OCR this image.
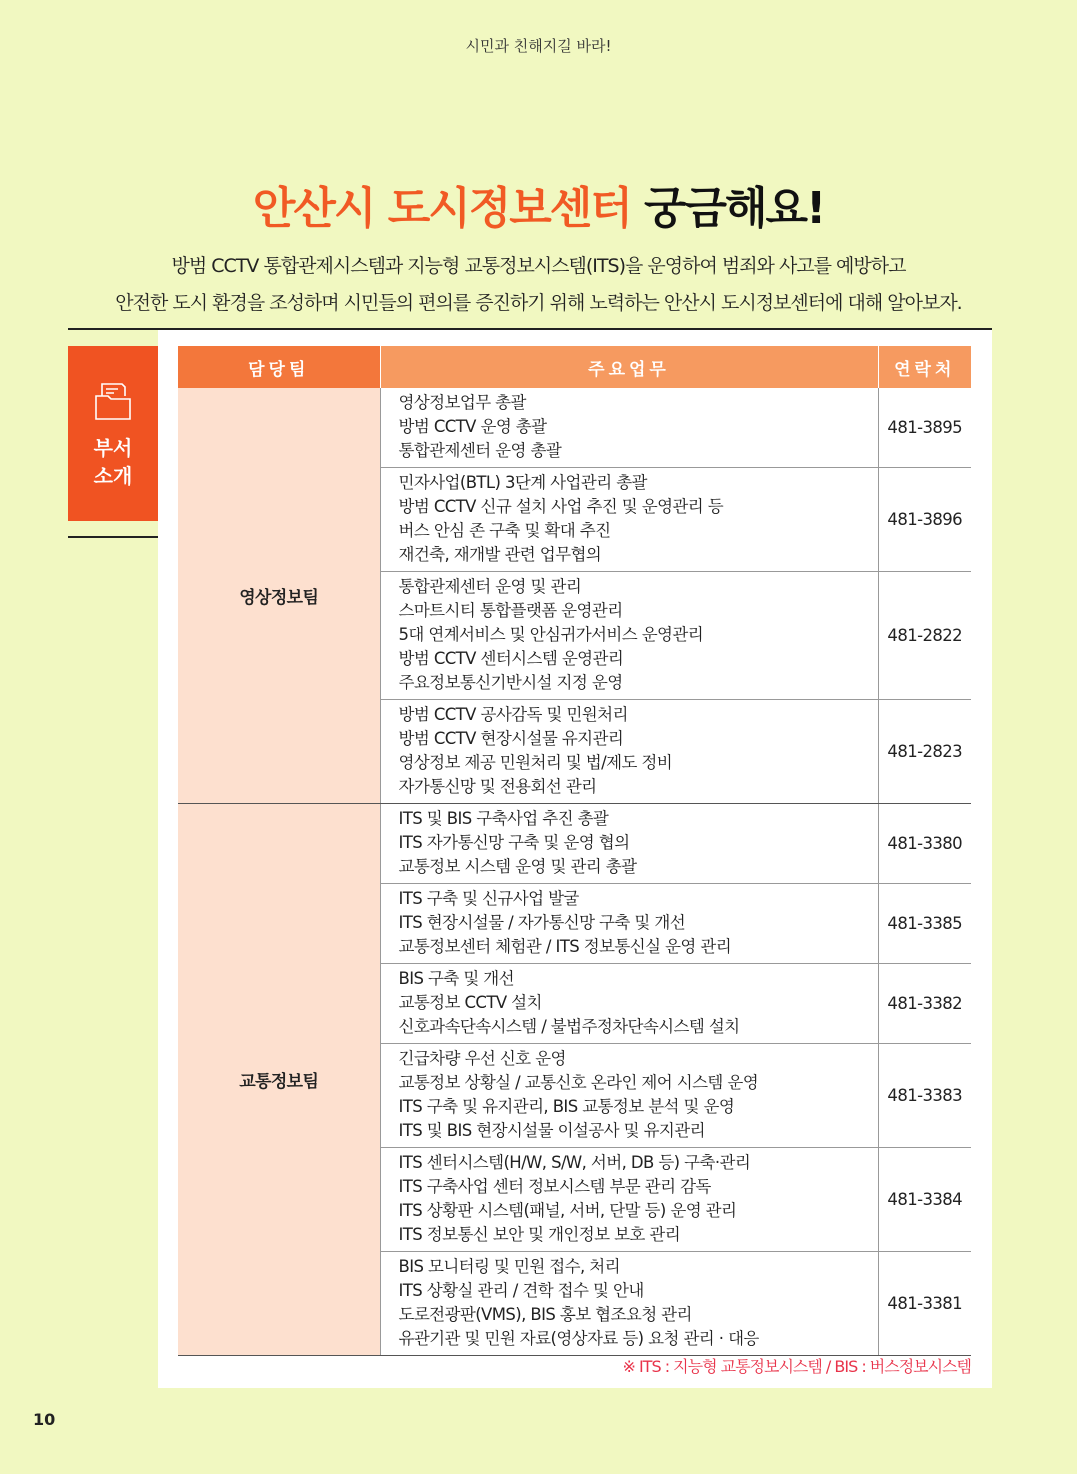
시민과 친해지길 바라!
안산시 도시정보센터 궁금해요!
방범 CCTV 통합관제시스템과 지능형 교통정보시스템(ITS)을 운영하여 범죄와 사고를 예방하고
안전한 도시 환경을 조성하며 시민들의 편의를 증진하기 위해 노력하는 안산시 도시정보센터에 대해 알아보자.
부서
소개
담당팀	주요업무	연락처
영상정보팀	영상정보업무 총괄
방범 CCTV 운영 총괄
통합관제센터 운영 총괄	481-3895

	민자사업(BTL) 3단계 사업관리 총괄
방범 CCTV 신규 설치 사업 추진 및 운영관리 등
버스 안심 존 구축 및 확대 추진
재건축, 재개발 관련 업무협의	481-3896

	통합관제센터 운영 및 관리
스마트시티 통합플랫폼 운영관리
5대 연계서비스 및 안심귀가서비스 운영관리
방범 CCTV 센터시스템 운영관리
주요정보통신기반시설 지정 운영	481-2822

	방범 CCTV 공사감독 및 민원처리
방범 CCTV 현장시설물 유지관리
영상정보 제공 민원처리 및 법/제도 정비
자가통신망 및 전용회선 관리	481-2823
교통정보팀	ITS 및 BIS 구축사업 추진 총괄
ITS 자가통신망 구축 및 운영 협의
교통정보 시스템 운영 및 관리 총괄	481-3380

	ITS 구축 및 신규사업 발굴
ITS 현장시설물 / 자가통신망 구축 및 개선
교통정보센터 체험관 / ITS 정보통신실 운영 관리	481-3385

	BIS 구축 및 개선
교통정보 CCTV 설치
신호과속단속시스템 / 불법주정차단속시스템 설치	481-3382

	긴급차량 우선 신호 운영
교통정보 상황실 / 교통신호 온라인 제어 시스템 운영
ITS 구축 및 유지관리, BIS 교통정보 분석 및 운영
ITS 및 BIS 현장시설물 이설공사 및 유지관리	481-3383

	ITS 센터시스템(H/W, S/W, 서버, DB 등) 구축·관리
ITS 구축사업 센터 정보시스템 부문 관리 감독
ITS 상황판 시스템(패널, 서버, 단말 등) 운영 관리
ITS 정보통신 보안 및 개인정보 보호 관리	481-3384

	BIS 모니터링 및 민원 접수, 처리
ITS 상황실 관리 / 견학 접수 및 안내
도로전광판(VMS), BIS 홍보 협조요청 관리
유관기관 및 민원 자료(영상자료 등) 요청 관리 · 대응	481-3381
※ ITS : 지능형 교통정보시스템 / BIS : 버스정보시스템
10
